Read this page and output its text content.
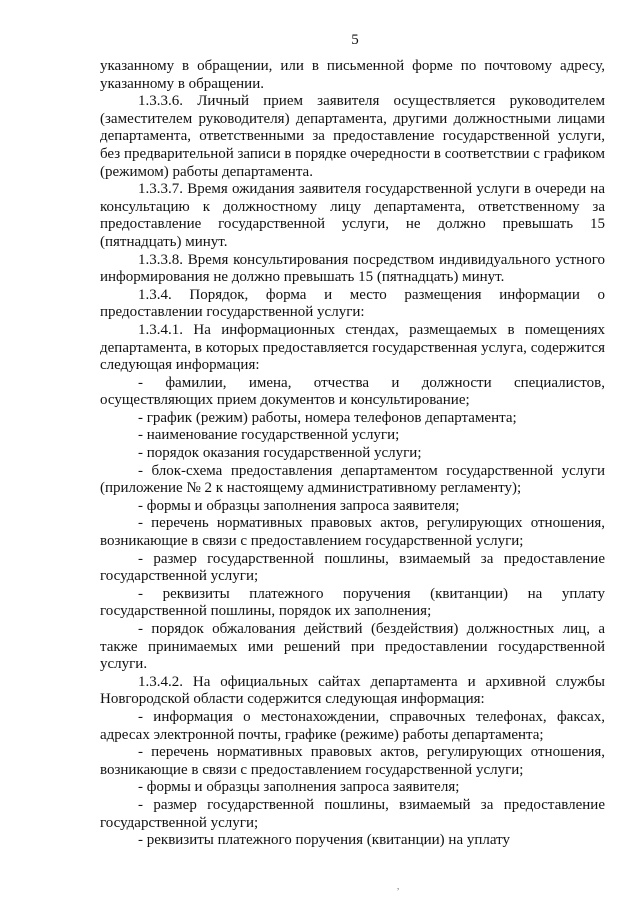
5

указанному в обращении, или в письменной форме по почтовому адресу, указанному в обращении.

1.3.3.6. Личный прием заявителя осуществляется руководителем (заместителем руководителя) департамента, другими должностными лицами департамента, ответственными за предоставление государственной услуги, без предварительной записи в порядке очередности в соответствии с графиком (режимом) работы департамента.

1.3.3.7. Время ожидания заявителя государственной услуги в очереди на консультацию к должностному лицу департамента, ответственному за предоставление государственной услуги, не должно превышать 15 (пятнадцать) минут.

1.3.3.8. Время консультирования посредством индивидуального устного информирования не должно превышать 15 (пятнадцать) минут.

1.3.4. Порядок, форма и место размещения информации о предоставлении государственной услуги:

1.3.4.1. На информационных стендах, размещаемых в помещениях департамента, в которых предоставляется государственная услуга, содержится следующая информация:

- фамилии, имена, отчества и должности специалистов, осуществляющих прием документов и консультирование;

- график (режим) работы, номера телефонов департамента;

- наименование государственной услуги;

- порядок оказания государственной услуги;

- блок-схема предоставления департаментом государственной услуги (приложение № 2 к настоящему административному регламенту);

- формы и образцы заполнения запроса заявителя;

- перечень нормативных правовых актов, регулирующих отношения, возникающие в связи с предоставлением государственной услуги;

- размер государственной пошлины, взимаемый за предоставление государственной услуги;

- реквизиты платежного поручения (квитанции) на уплату государственной пошлины, порядок их заполнения;

- порядок обжалования действий (бездействия) должностных лиц, а также принимаемых ими решений при предоставлении государственной услуги.

1.3.4.2. На официальных сайтах департамента и архивной службы Новгородской области содержится следующая информация:

- информация о местонахождении, справочных телефонах, факсах, адресах электронной почты, графике (режиме) работы департамента;

- перечень нормативных правовых актов, регулирующих отношения, возникающие в связи с предоставлением государственной услуги;

- формы и образцы заполнения запроса заявителя;

- размер государственной пошлины, взимаемый за предоставление государственной услуги;

- реквизиты платежного поручения (квитанции) на уплату

,
